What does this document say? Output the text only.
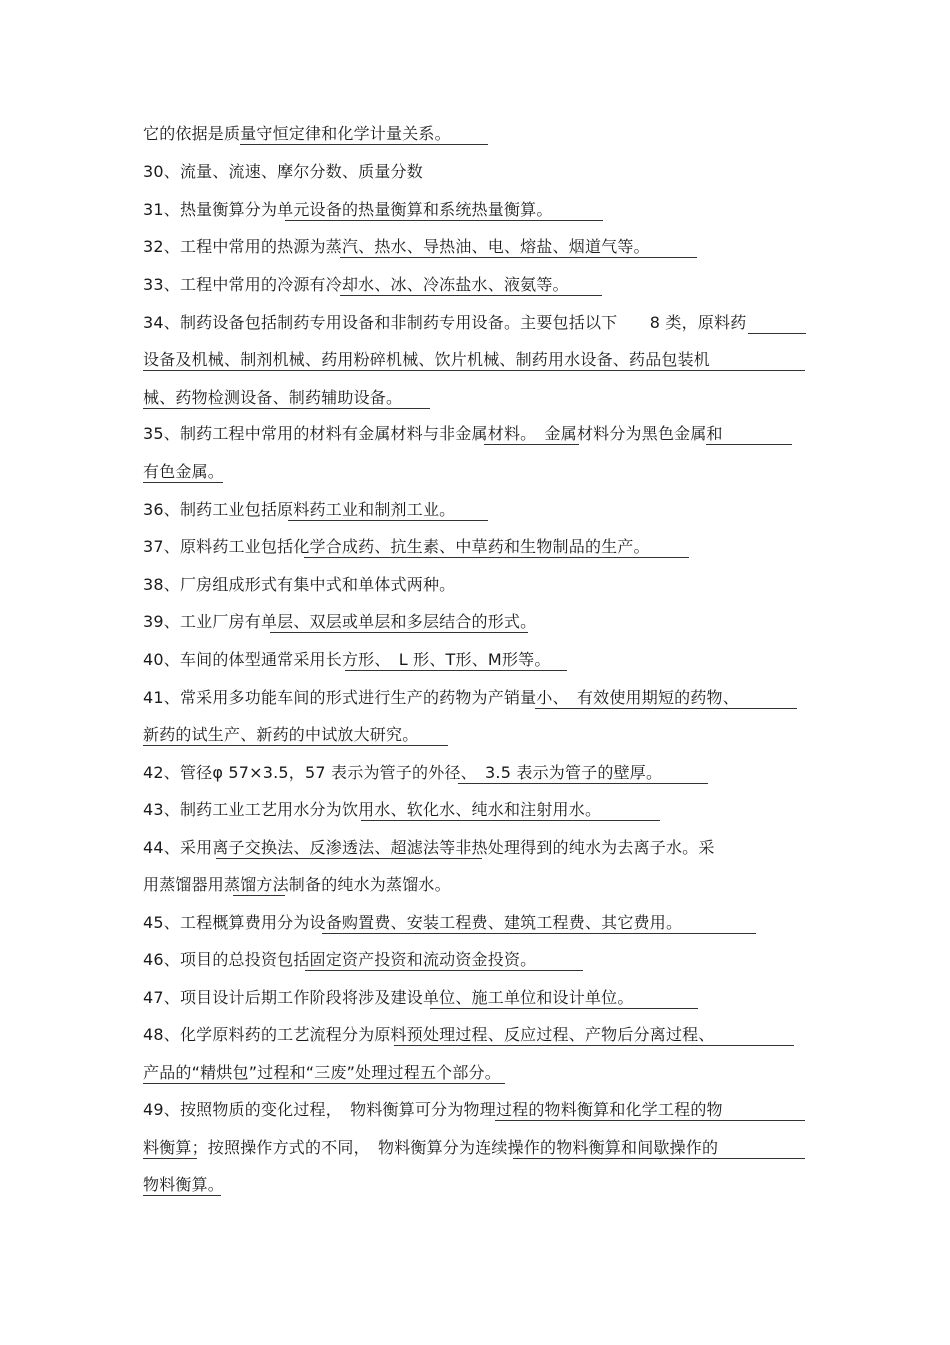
它的依据是质量守恒定律和化学计量关系。
30、流量、流速、摩尔分数、质量分数
31、热量衡算分为单元设备的热量衡算和系统热量衡算。
32、工程中常用的热源为蒸汽、热水、导热油、电、熔盐、烟道气等。
33、工程中常用的冷源有冷却水、冰、冷冻盐水、液氨等。
34、制药设备包括制药专用设备和非制药专用设备。主要包括以下　　8 类，原料药
设备及机械、制剂机械、药用粉碎机械、饮片机械、制药用水设备、药品包装机
械、药物检测设备、制药辅助设备。
35、制药工程中常用的材料有金属材料与非金属材料。　金属材料分为黑色金属和
有色金属。
36、制药工业包括原料药工业和制剂工业。
37、原料药工业包括化学合成药、抗生素、中草药和生物制品的生产。
38、厂房组成形式有集中式和单体式两种。
39、工业厂房有单层、双层或单层和多层结合的形式。
40、车间的体型通常采用长方形、　L 形、T形、M形等。
41、常采用多功能车间的形式进行生产的药物为产销量小、　有效使用期短的药物、
新药的试生产、新药的中试放大研究。
42、管径φ 57×3.5，57 表示为管子的外径、　3.5 表示为管子的壁厚。
43、制药工业工艺用水分为饮用水、软化水、纯水和注射用水。
44、采用离子交换法、反渗透法、超滤法等非热处理得到的纯水为去离子水。采
用蒸馏器用蒸馏方法制备的纯水为蒸馏水。
45、工程概算费用分为设备购置费、安装工程费、建筑工程费、其它费用。
46、项目的总投资包括固定资产投资和流动资金投资。
47、项目设计后期工作阶段将涉及建设单位、施工单位和设计单位。
48、化学原料药的工艺流程分为原料预处理过程、反应过程、产物后分离过程、
产品的“精烘包”过程和“三废”处理过程五个部分。
49、按照物质的变化过程，　物料衡算可分为物理过程的物料衡算和化学工程的物
料衡算；按照操作方式的不同，　物料衡算分为连续操作的物料衡算和间歇操作的
物料衡算。
